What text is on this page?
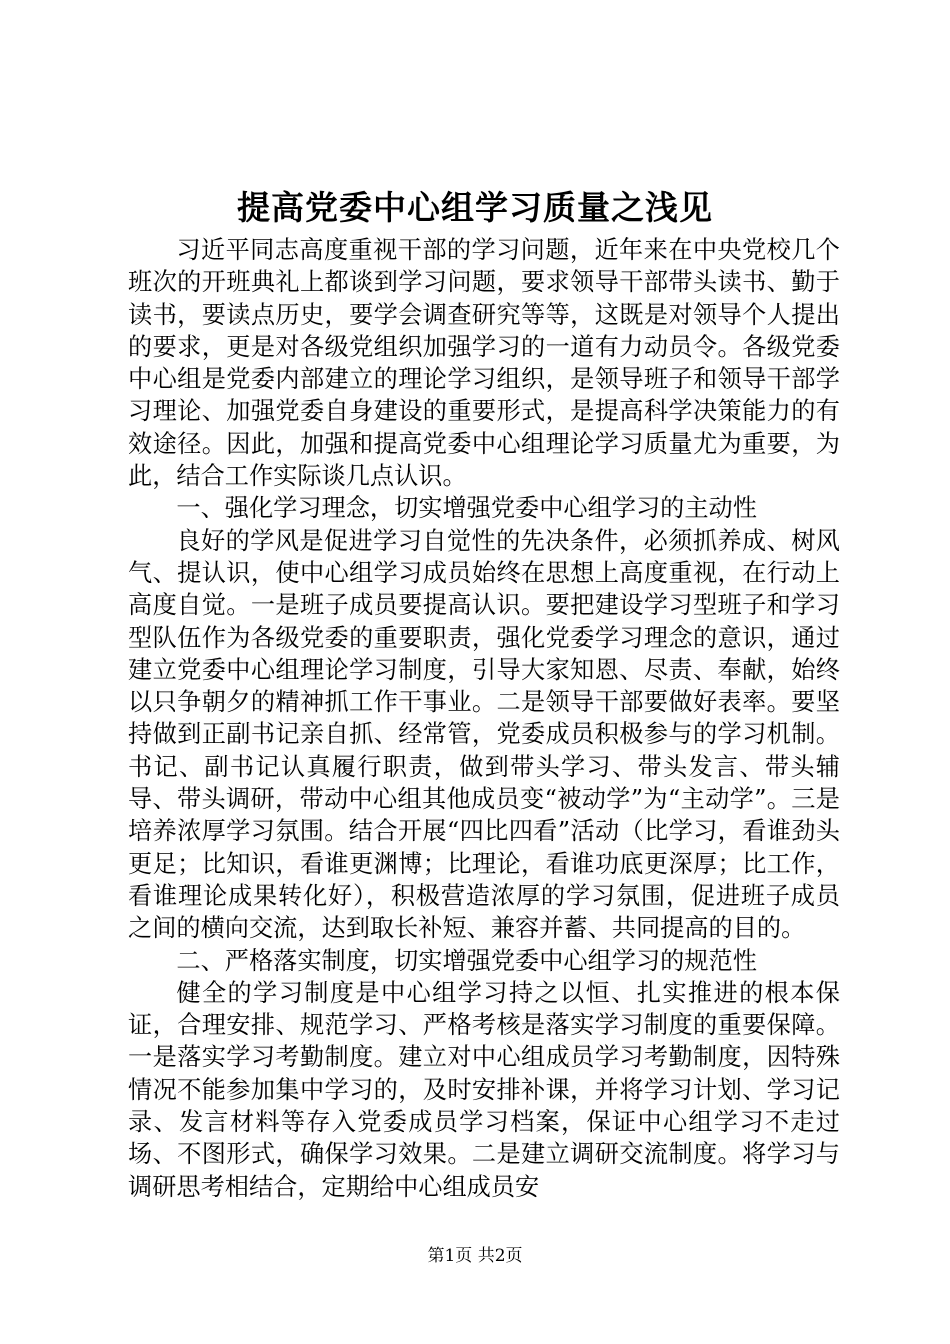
提高党委中心组学习质量之浅见

习近平同志高度重视干部的学习问题，近年来在中央党校几个班次的开班典礼上都谈到学习问题，要求领导干部带头读书、勤于读书，要读点历史，要学会调查研究等等，这既是对领导个人提出的要求，更是对各级党组织加强学习的一道有力动员令。各级党委中心组是党委内部建立的理论学习组织，是领导班子和领导干部学习理论、加强党委自身建设的重要形式，是提高科学决策能力的有效途径。因此，加强和提高党委中心组理论学习质量尤为重要，为此，结合工作实际谈几点认识。

一、强化学习理念，切实增强党委中心组学习的主动性

良好的学风是促进学习自觉性的先决条件，必须抓养成、树风气、提认识，使中心组学习成员始终在思想上高度重视，在行动上高度自觉。一是班子成员要提高认识。要把建设学习型班子和学习型队伍作为各级党委的重要职责，强化党委学习理念的意识，通过建立党委中心组理论学习制度，引导大家知恩、尽责、奉献，始终以只争朝夕的精神抓工作干事业。二是领导干部要做好表率。要坚持做到正副书记亲自抓、经常管，党委成员积极参与的学习机制。书记、副书记认真履行职责，做到带头学习、带头发言、带头辅导、带头调研，带动中心组其他成员变“被动学”为“主动学”。三是培养浓厚学习氛围。结合开展“四比四看”活动（比学习，看谁劲头更足；比知识，看谁更渊博；比理论，看谁功底更深厚；比工作，看谁理论成果转化好），积极营造浓厚的学习氛围，促进班子成员之间的横向交流，达到取长补短、兼容并蓄、共同提高的目的。

二、严格落实制度，切实增强党委中心组学习的规范性

健全的学习制度是中心组学习持之以恒、扎实推进的根本保证，合理安排、规范学习、严格考核是落实学习制度的重要保障。一是落实学习考勤制度。建立对中心组成员学习考勤制度，因特殊情况不能参加集中学习的，及时安排补课，并将学习计划、学习记录、发言材料等存入党委成员学习档案，保证中心组学习不走过场、不图形式，确保学习效果。二是建立调研交流制度。将学习与调研思考相结合，定期给中心组成员安

第1页 共2页
